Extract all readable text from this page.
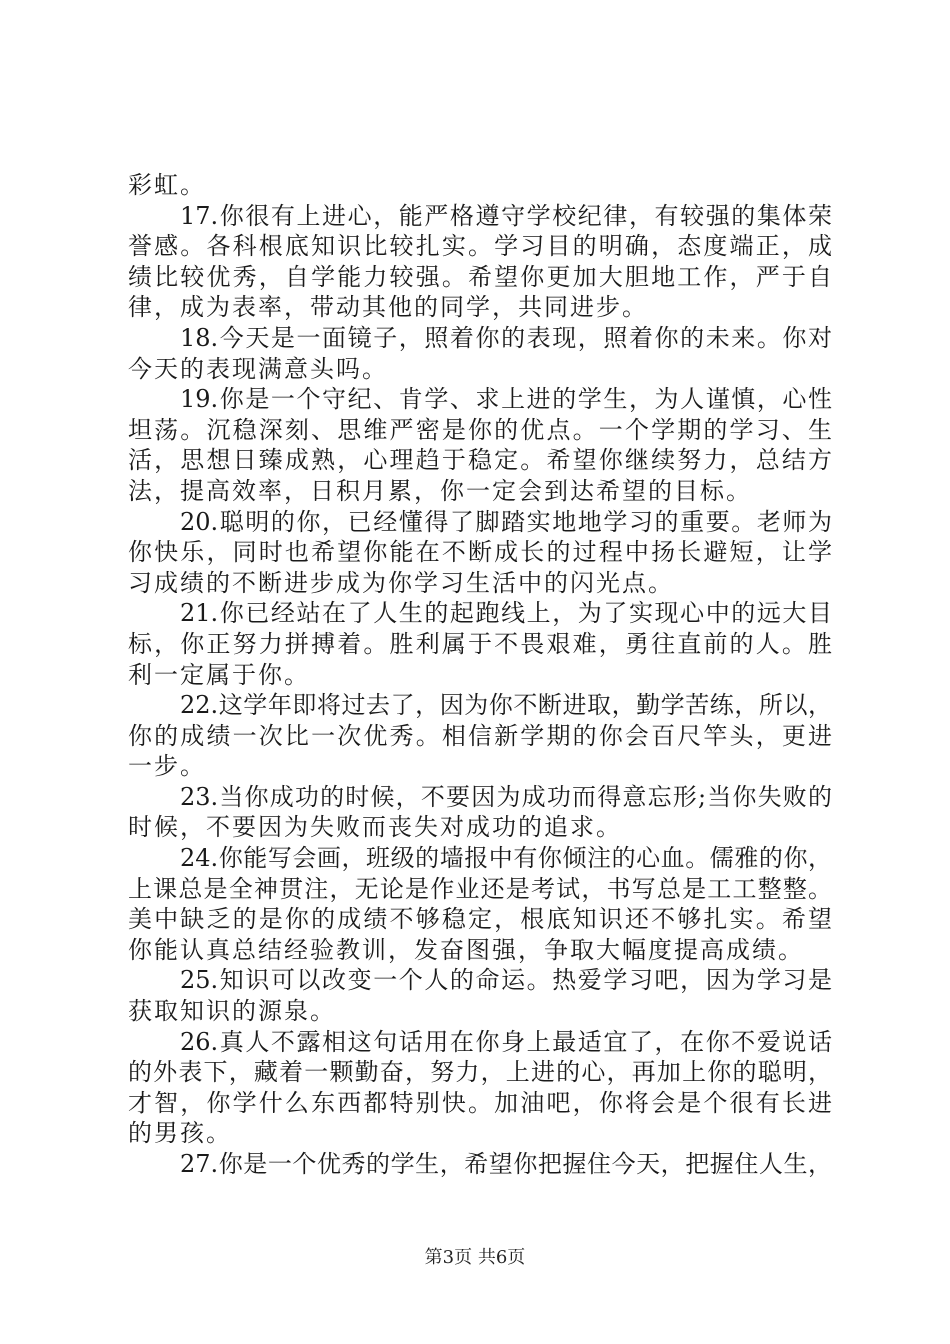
彩虹。
17.你很有上进心，能严格遵守学校纪律，有较强的集体荣
誉感。各科根底知识比较扎实。学习目的明确，态度端正，成
绩比较优秀，自学能力较强。希望你更加大胆地工作，严于自
律，成为表率，带动其他的同学，共同进步。
18.今天是一面镜子，照着你的表现，照着你的未来。你对
今天的表现满意头吗。
19.你是一个守纪、肯学、求上进的学生，为人谨慎，心性
坦荡。沉稳深刻、思维严密是你的优点。一个学期的学习、生
活，思想日臻成熟，心理趋于稳定。希望你继续努力，总结方
法，提高效率，日积月累，你一定会到达希望的目标。
20.聪明的你，已经懂得了脚踏实地地学习的重要。老师为
你快乐，同时也希望你能在不断成长的过程中扬长避短，让学
习成绩的不断进步成为你学习生活中的闪光点。
21.你已经站在了人生的起跑线上，为了实现心中的远大目
标，你正努力拼搏着。胜利属于不畏艰难，勇往直前的人。胜
利一定属于你。
22.这学年即将过去了，因为你不断进取，勤学苦练，所以，
你的成绩一次比一次优秀。相信新学期的你会百尺竿头，更进
一步。
23.当你成功的时候，不要因为成功而得意忘形;当你失败的
时候，不要因为失败而丧失对成功的追求。
24.你能写会画，班级的墙报中有你倾注的心血。儒雅的你，
上课总是全神贯注，无论是作业还是考试，书写总是工工整整。
美中缺乏的是你的成绩不够稳定，根底知识还不够扎实。希望
你能认真总结经验教训，发奋图强，争取大幅度提高成绩。
25.知识可以改变一个人的命运。热爱学习吧，因为学习是
获取知识的源泉。
26.真人不露相这句话用在你身上最适宜了，在你不爱说话
的外表下，藏着一颗勤奋，努力，上进的心，再加上你的聪明，
才智，你学什么东西都特别快。加油吧，你将会是个很有长进
的男孩。
27.你是一个优秀的学生，希望你把握住今天，把握住人生，
第3页 共6页
